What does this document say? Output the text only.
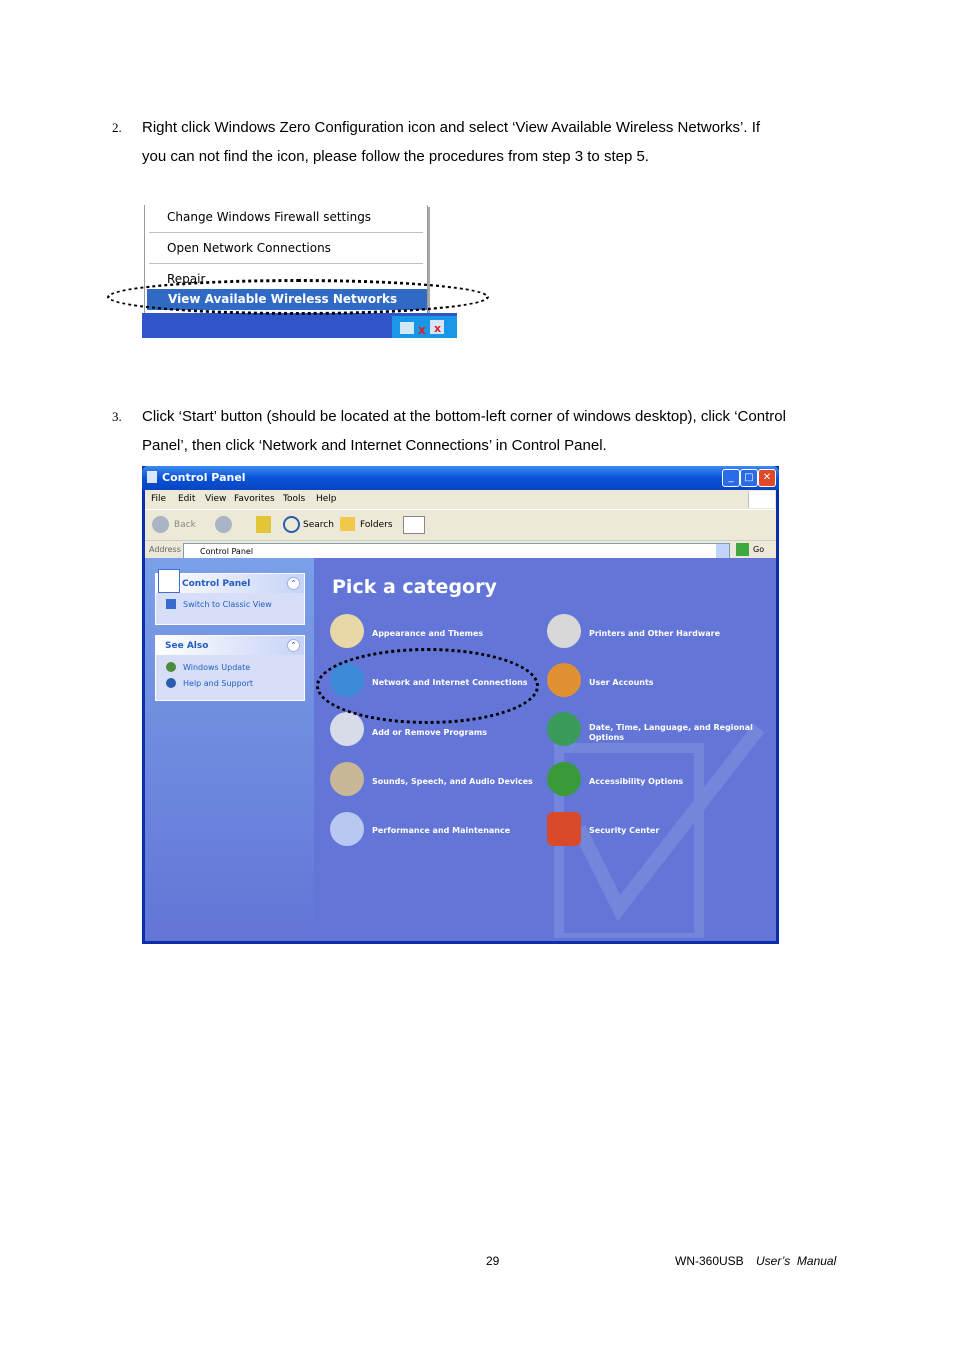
2. Right click Windows Zero Configuration icon and select ‘View Available Wireless Networks’. If
you can not find the icon, please follow the procedures from step 3 to step 5.
Change Windows Firewall settings
Open Network Connections
Repair
View Available Wireless Networks
x x
3. Click ‘Start’ button (should be located at the bottom-left corner of windows desktop), click ‘Control
Panel’, then click ‘Network and Internet Connections’ in Control Panel.
Control Panel	_	□ ✕
File Edit View Favorites Tools Help
Back	Search	Folders
Address Control Panel	Go
Control Panel	⌃
Switch to Classic View
See Also	⌃
Windows Update
Help and Support
Pick a category
Appearance and Themes
Network and Internet Connections
Add or Remove Programs
Sounds, Speech, and Audio Devices
Performance and Maintenance
Printers and Other Hardware
User Accounts
Date, Time, Language, and Regional
Options
Accessibility Options
Security Center
29	WN-360USB User’s  Manual
